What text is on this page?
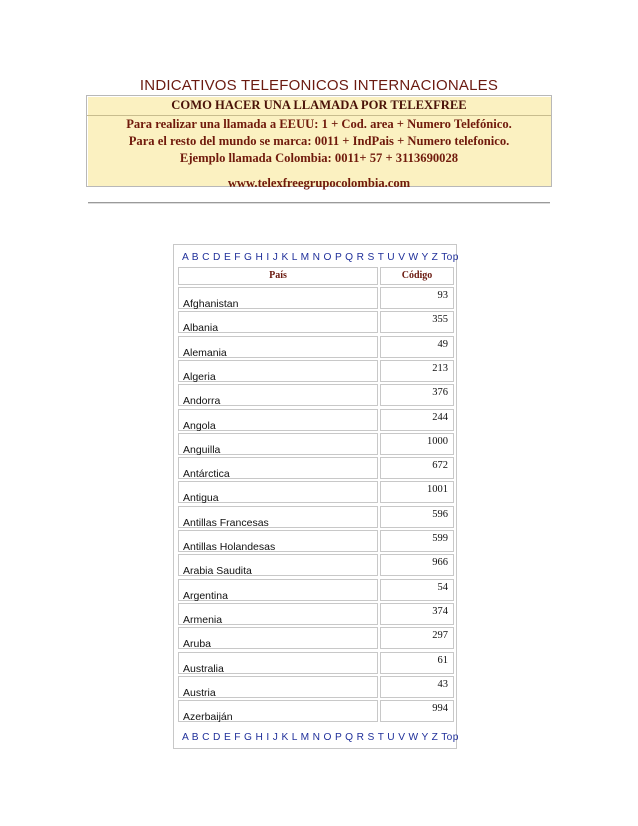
INDICATIVOS TELEFONICOS INTERNACIONALES
COMO HACER UNA LLAMADA POR TELEXFREE
Para realizar una llamada a EEUU: 1 + Cod. area + Numero Telefónico.
Para el resto del mundo se marca: 0011 + IndPais + Numero telefonico.
Ejemplo llamada Colombia: 0011+ 57 + 3113690028
www.telexfreegrupocolombia.com
A B C D E F G H I J K L M N O P Q R S T U V W Y Z Top
País	Código
Afghanistan
93
Albania
355
Alemania
49
Algeria
213
Andorra
376
Angola
244
Anguilla
1000
Antárctica
672
Antigua
1001
Antillas Francesas
596
Antillas Holandesas
599
Arabia Saudita
966
Argentina
54
Armenia
374
Aruba
297
Australia
61
Austria
43
Azerbaiján
994
A B C D E F G H I J K L M N O P Q R S T U V W Y Z Top
